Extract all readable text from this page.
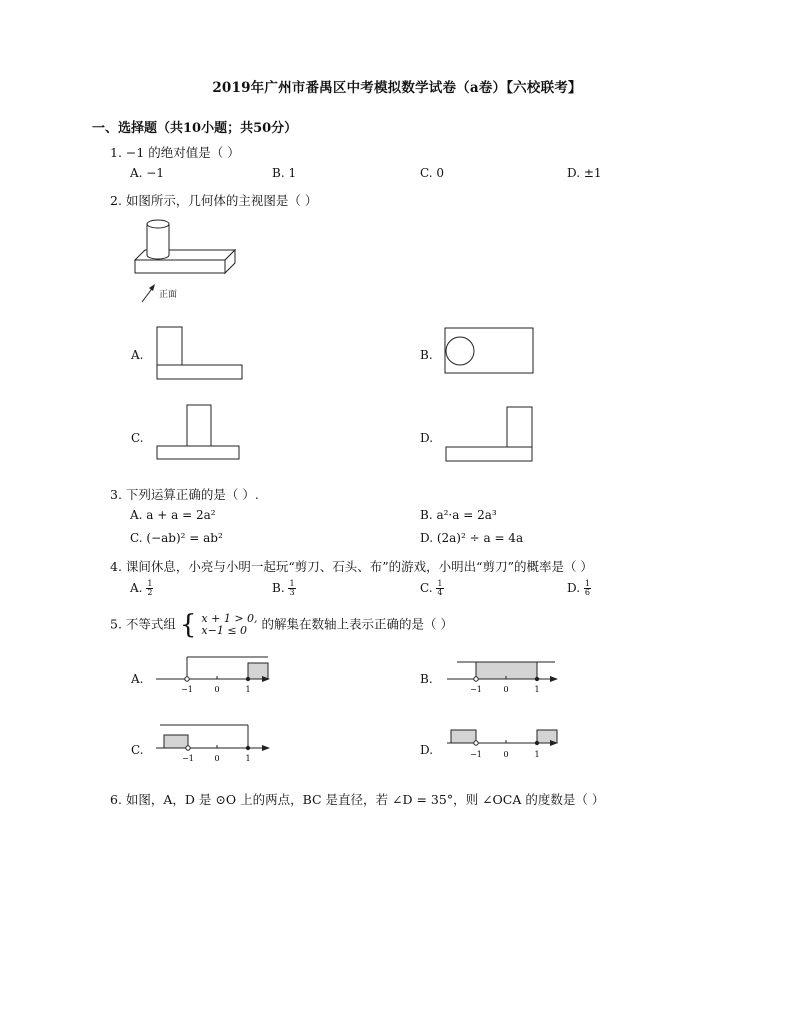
2019年广州市番禺区中考模拟数学试卷（a卷）【六校联考】
一、选择题（共10小题；共50分）
1. −1 的绝对值是（ ）
A. −1	B. 1	C. 0	D. ±1
2. 如图所示，几何体的主视图是（ ）
正面
A.	B.
C.	D.
3. 下列运算正确的是（ ）.
A. a + a = 2a²	B. a²·a = 2a³
C. (−ab)² = ab²	D. (2a)² ÷ a = 4a
4. 课间休息，小亮与小明一起玩“剪刀、石头、布”的游戏，小明出“剪刀”的概率是（ ）
A. $\frac{1}{2}$	B. $\frac{1}{3}$	C. $\frac{1}{4}$	D. $\frac{1}{6}$
5. 不等式组 { x + 1 > 0,
x−1 ≤ 0	的解集在数轴上表示正确的是（ ）
A.
−1	0	1
B.
−1	0	1
C.
−1	0	1
D.	−1	0	1
6. 如图，A，D 是 ⊙O 上的两点，BC 是直径，若 ∠D = 35°，则 ∠OCA 的度数是（ ）
